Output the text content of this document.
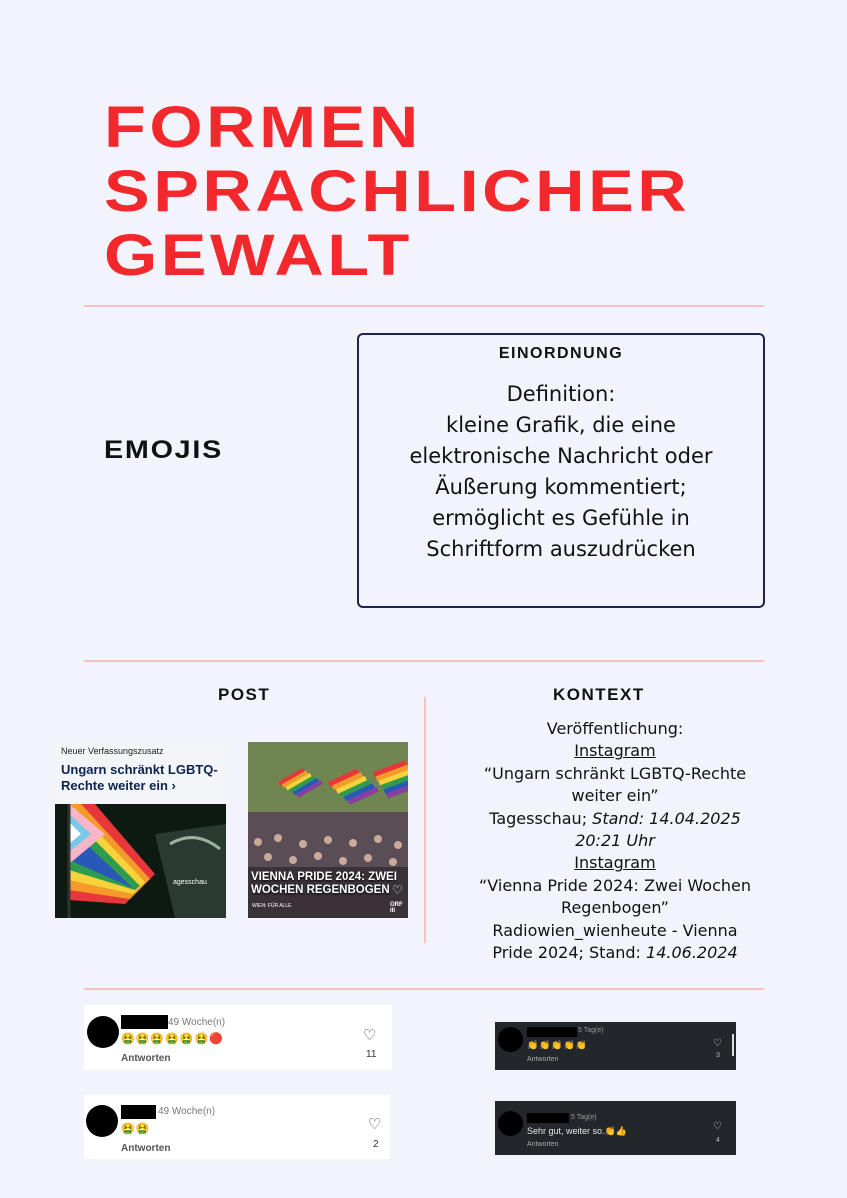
FORMEN
SPRACHLICHER
GEWALT
EMOJIS
EINORDNUNG
Definition:
kleine Grafik, die eine
elektronische Nachricht oder
Äußerung kommentiert;
ermöglicht es Gefühle in
Schriftform auszudrücken
POST	KONTEXT
Neuer Verfassungszusatz
Ungarn schränkt LGBTQ-Rechte weiter ein ›
agesschau	VIENNA PRIDE 2024: ZWEI WOCHEN REGENBOGEN ♡
WIEN: FÜR ALLE	ORF III
Veröffentlichung:
Instagram
“Ungarn schränkt LGBTQ-Rechte weiter ein”
Tagesschau; Stand: 14.04.2025 20:21 Uhr
Instagram
“Vienna Pride 2024: Zwei Wochen Regenbogen”
Radiowien_wienheute - Vienna Pride 2024; Stand: 14.06.2024
49 Woche(n)
🤮🤮🤮🤮🤮🤮🔴
Antworten
♡
11
49 Woche(n)
🤮🤮
Antworten
♡
2
5 Tag(e)
👏👏👏👏👏
Antworten
♡
3
5 Tag(e)
Sehr gut, weiter so.👏👍
Antworten
♡
4
